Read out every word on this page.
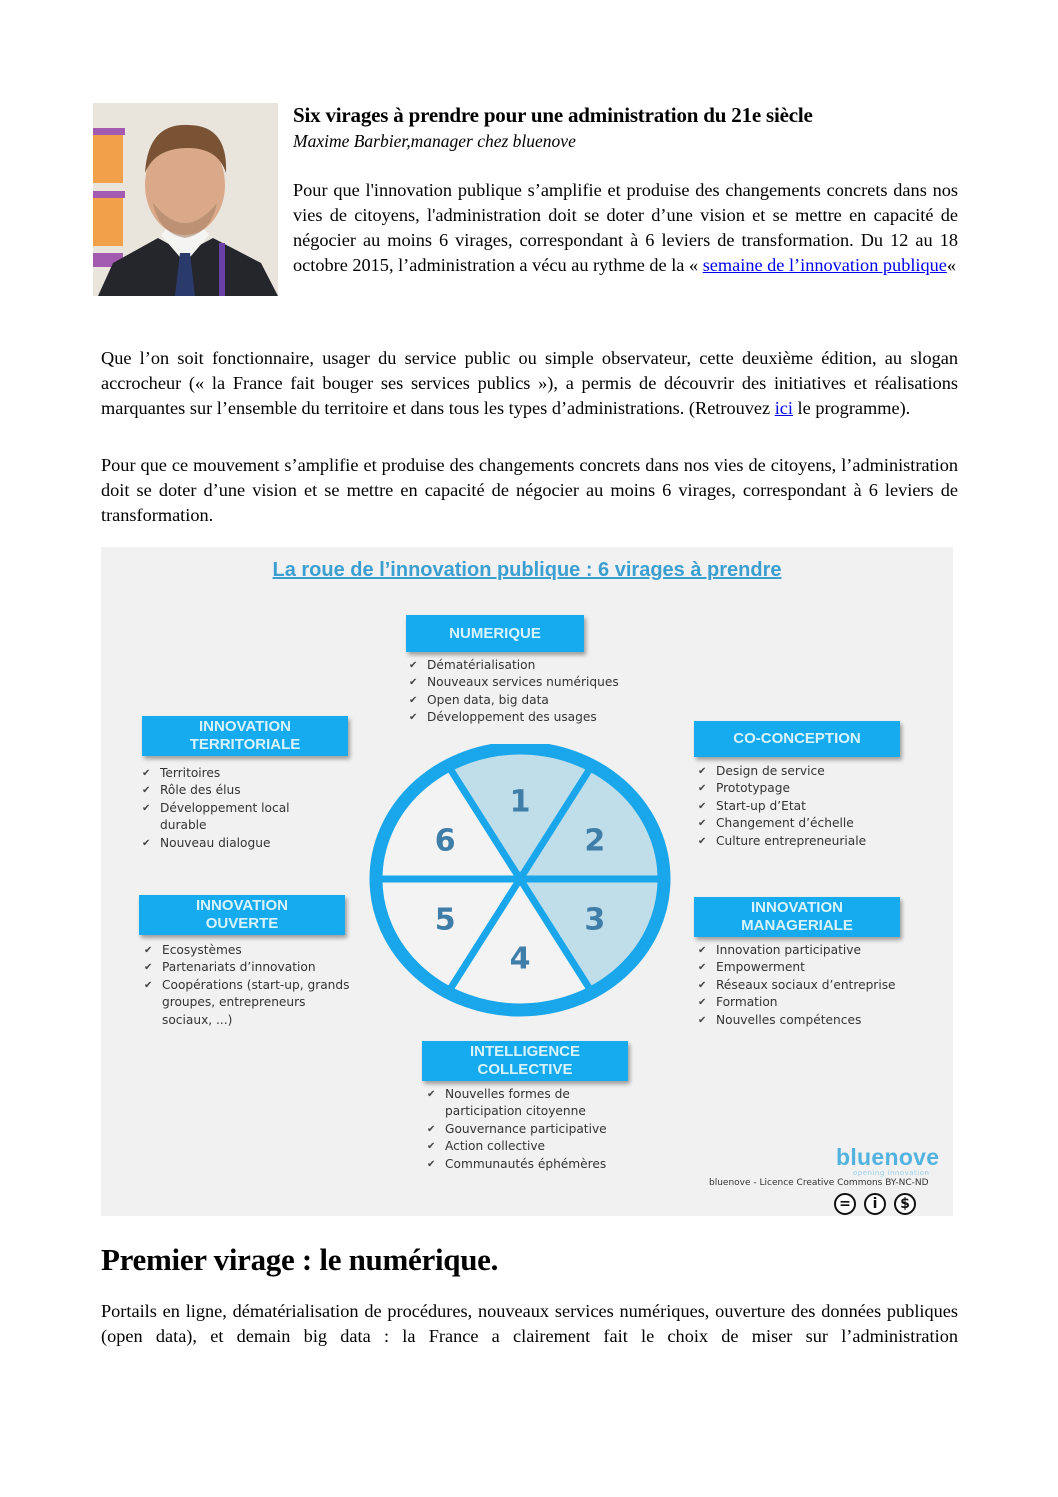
Six virages à prendre pour une administration du 21e siècle
Maxime Barbier,manager chez bluenove
Pour que l'innovation publique s’amplifie et produise des changements concrets dans nos vies de citoyens, l'administration doit se doter d’une vision et se mettre en capacité de négocier au moins 6 virages, correspondant à 6 leviers de transformation. Du 12 au 18 octobre 2015, l’administration a vécu au rythme de la « semaine de l’innovation publique«
Que l’on soit fonctionnaire, usager du service public ou simple observateur, cette deuxième édition, au slogan accrocheur (« la France fait bouger ses services publics »), a permis de découvrir des initiatives et réalisations marquantes sur l’ensemble du territoire et dans tous les types d’administrations. (Retrouvez ici le programme).
Pour que ce mouvement s’amplifie et produise des changements concrets dans nos vies de citoyens, l’administration doit se doter d’une vision et se mettre en capacité de négocier au moins 6 virages, correspondant à 6 leviers de transformation.
La roue de l’innovation publique : 6 virages à prendre
NUMERIQUE
✔ Dématérialisation
✔ Nouveaux services numériques
✔ Open data, big data
✔ Développement des usages
INNOVATION
TERRITORIALE
✔ Territoires
✔ Rôle des élus
✔ Développement local durable
✔ Nouveau dialogue
CO-CONCEPTION
✔ Design de service
✔ Prototypage
✔ Start-up d’Etat
✔ Changement d’échelle
✔ Culture entrepreneuriale
INNOVATION
OUVERTE
✔ Ecosystèmes
✔ Partenariats d’innovation
✔ Coopérations (start-up, grands groupes, entrepreneurs sociaux, ...)
INNOVATION
MANAGERIALE
✔ Innovation participative
✔ Empowerment
✔ Réseaux sociaux d’entreprise
✔ Formation
✔ Nouvelles compétences
INTELLIGENCE
COLLECTIVE
✔ Nouvelles formes de participation citoyenne
✔ Gouvernance participative
✔ Action collective
✔ Communautés éphémères
1
2
3
4
5
6
bluenove
opening innovation
bluenove - Licence Creative Commons BY-NC-ND
=	i	$
Premier virage : le numérique.
Portails en ligne, dématérialisation de procédures, nouveaux services numériques, ouverture des données publiques (open data), et demain big data : la France a clairement fait le choix de miser sur l’administration
